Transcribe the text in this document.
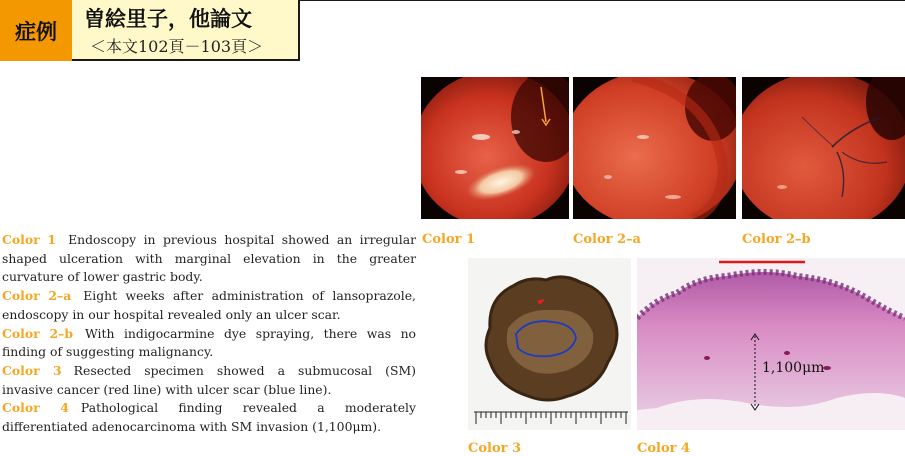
症例
曽絵里子，他論文
＜本文102頁－103頁＞

Color 1 Endoscopy in previous hospital showed an irregular shaped ulceration with marginal elevation in the greater curvature of lower gastric body.

Color 2–a Eight weeks after administration of lansoprazole, endoscopy in our hospital revealed only an ulcer scar.

Color 2–b With indigocarmine dye spraying, there was no finding of suggesting malignancy.

Color 3 Resected specimen showed a submucosal (SM) invasive cancer (red line) with ulcer scar (blue line).

Color 4 Pathological finding revealed a moderately differentiated adenocarcinoma with SM invasion (1,100μm).

Color 1	Color 2–a	Color 2–b
Color 3
1,100μm
Color 4
